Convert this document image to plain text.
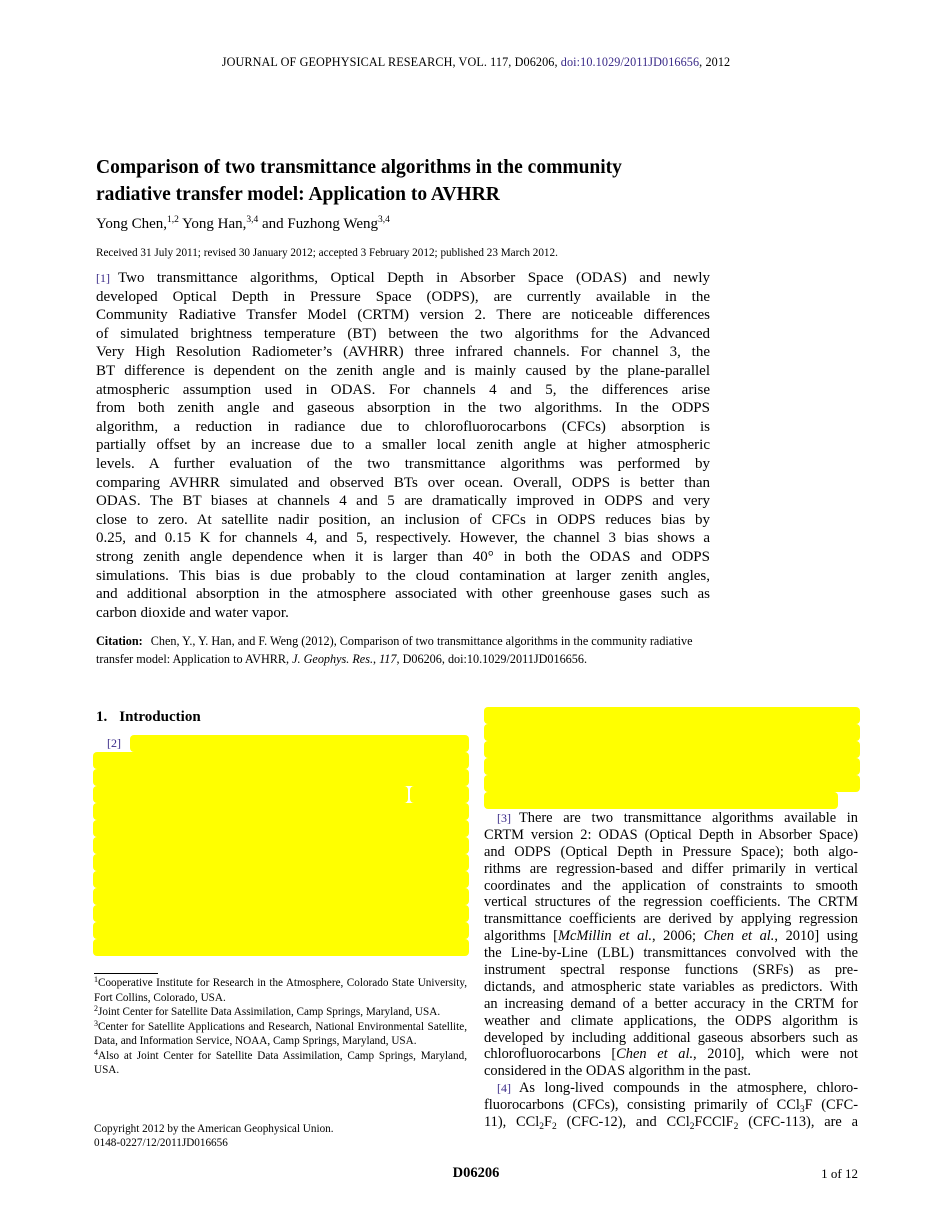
JOURNAL OF GEOPHYSICAL RESEARCH, VOL. 117, D06206, doi:10.1029/2011JD016656, 2012
Comparison of two transmittance algorithms in the community
radiative transfer model: Application to AVHRR
Yong Chen,$^{1,2}$ Yong Han,$^{3,4}$ and Fuzhong Weng$^{3,4}$
Received 31 July 2011; revised 30 January 2012; accepted 3 February 2012; published 23 March 2012.
[1] Two transmittance algorithms, Optical Depth in Absorber Space (ODAS) and newly
developed Optical Depth in Pressure Space (ODPS), are currently available in the
Community Radiative Transfer Model (CRTM) version 2. There are noticeable differences
of simulated brightness temperature (BT) between the two algorithms for the Advanced
Very High Resolution Radiometer’s (AVHRR) three infrared channels. For channel 3, the
BT difference is dependent on the zenith angle and is mainly caused by the plane-parallel
atmospheric assumption used in ODAS. For channels 4 and 5, the differences arise
from both zenith angle and gaseous absorption in the two algorithms. In the ODPS
algorithm, a reduction in radiance due to chlorofluorocarbons (CFCs) absorption is
partially offset by an increase due to a smaller local zenith angle at higher atmospheric
levels. A further evaluation of the two transmittance algorithms was performed by
comparing AVHRR simulated and observed BTs over ocean. Overall, ODPS is better than
ODAS. The BT biases at channels 4 and 5 are dramatically improved in ODPS and very
close to zero. At satellite nadir position, an inclusion of CFCs in ODPS reduces bias by
0.25, and 0.15 K for channels 4, and 5, respectively. However, the channel 3 bias shows a
strong zenith angle dependence when it is larger than 40° in both the ODAS and ODPS
simulations. This bias is due probably to the cloud contamination at larger zenith angles,
and additional absorption in the atmosphere associated with other greenhouse gases such as
carbon dioxide and water vapor.
Citation: Chen, Y., Y. Han, and F. Weng (2012), Comparison of two transmittance algorithms in the community radiative
transfer model: Application to AVHRR, J. Geophys. Res., 117, D06206, doi:10.1029/2011JD016656.
1. Introduction
[2]

$^1$Cooperative Institute for Research in the Atmosphere, Colorado State University, Fort Collins, Colorado, USA.

$^2$Joint Center for Satellite Data Assimilation, Camp Springs, Maryland, USA.

$^3$Center for Satellite Applications and Research, National Environmental Satellite, Data, and Information Service, NOAA, Camp Springs, Maryland, USA.

$^4$Also at Joint Center for Satellite Data Assimilation, Camp Springs, Maryland, USA.

Copyright 2012 by the American Geophysical Union.
0148-0227/12/2011JD016656
[3] There are two transmittance algorithms available in
CRTM version 2: ODAS (Optical Depth in Absorber Space)
and ODPS (Optical Depth in Pressure Space); both algo-
rithms are regression-based and differ primarily in vertical
coordinates and the application of constraints to smooth
vertical structures of the regression coefficients. The CRTM
transmittance coefficients are derived by applying regression
algorithms [McMillin et al., 2006; Chen et al., 2010] using
the Line-by-Line (LBL) transmittances convolved with the
instrument spectral response functions (SRFs) as pre-
dictands, and atmospheric state variables as predictors. With
an increasing demand of a better accuracy in the CRTM for
weather and climate applications, the ODPS algorithm is
developed by including additional gaseous absorbers such as
chlorofluorocarbons [Chen et al., 2010], which were not
considered in the ODAS algorithm in the past.
[4] As long-lived compounds in the atmosphere, chloro-
fluorocarbons (CFCs), consisting primarily of CCl$_3$F (CFC-
11), $CCl_2F_2$ (CFC-12), and CCl$_2$FCClF$_2$ (CFC-113), are a
D06206	1 of 12
